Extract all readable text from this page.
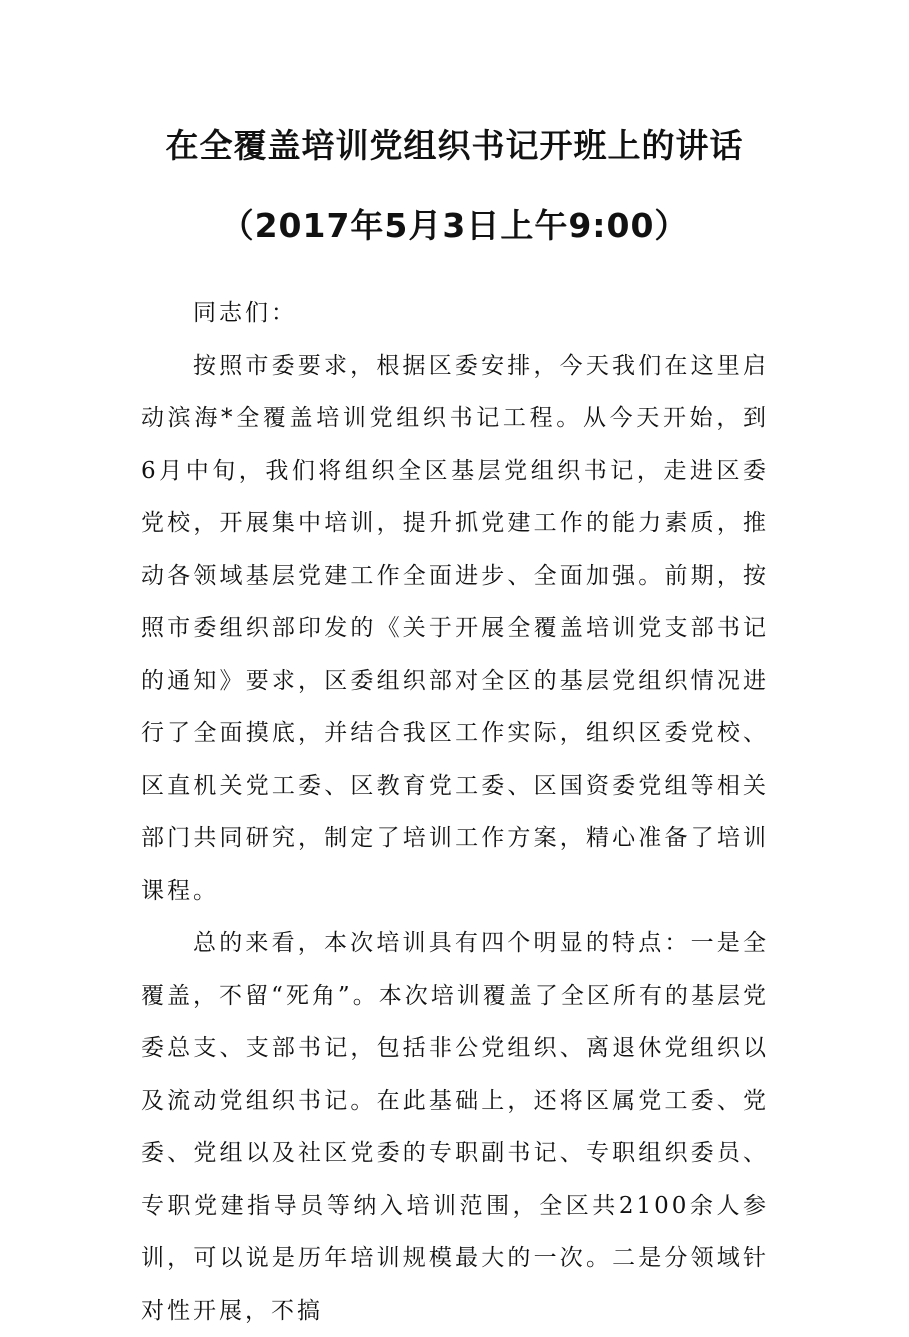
在全覆盖培训党组织书记开班上的讲话
（2017年5月3日上午9:00）

同志们：

按照市委要求，根据区委安排，今天我们在这里启动滨海*全覆盖培训党组织书记工程。从今天开始，到6月中旬，我们将组织全区基层党组织书记，走进区委党校，开展集中培训，提升抓党建工作的能力素质，推动各领域基层党建工作全面进步、全面加强。前期，按照市委组织部印发的《关于开展全覆盖培训党支部书记的通知》要求，区委组织部对全区的基层党组织情况进行了全面摸底，并结合我区工作实际，组织区委党校、区直机关党工委、区教育党工委、区国资委党组等相关部门共同研究，制定了培训工作方案，精心准备了培训课程。

总的来看，本次培训具有四个明显的特点：一是全覆盖，不留“死角”。本次培训覆盖了全区所有的基层党委总支、支部书记，包括非公党组织、离退休党组织以及流动党组织书记。在此基础上，还将区属党工委、党委、党组以及社区党委的专职副书记、专职组织委员、专职党建指导员等纳入培训范围，全区共2100余人参训，可以说是历年培训规模最大的一次。二是分领域针对性开展，不搞
